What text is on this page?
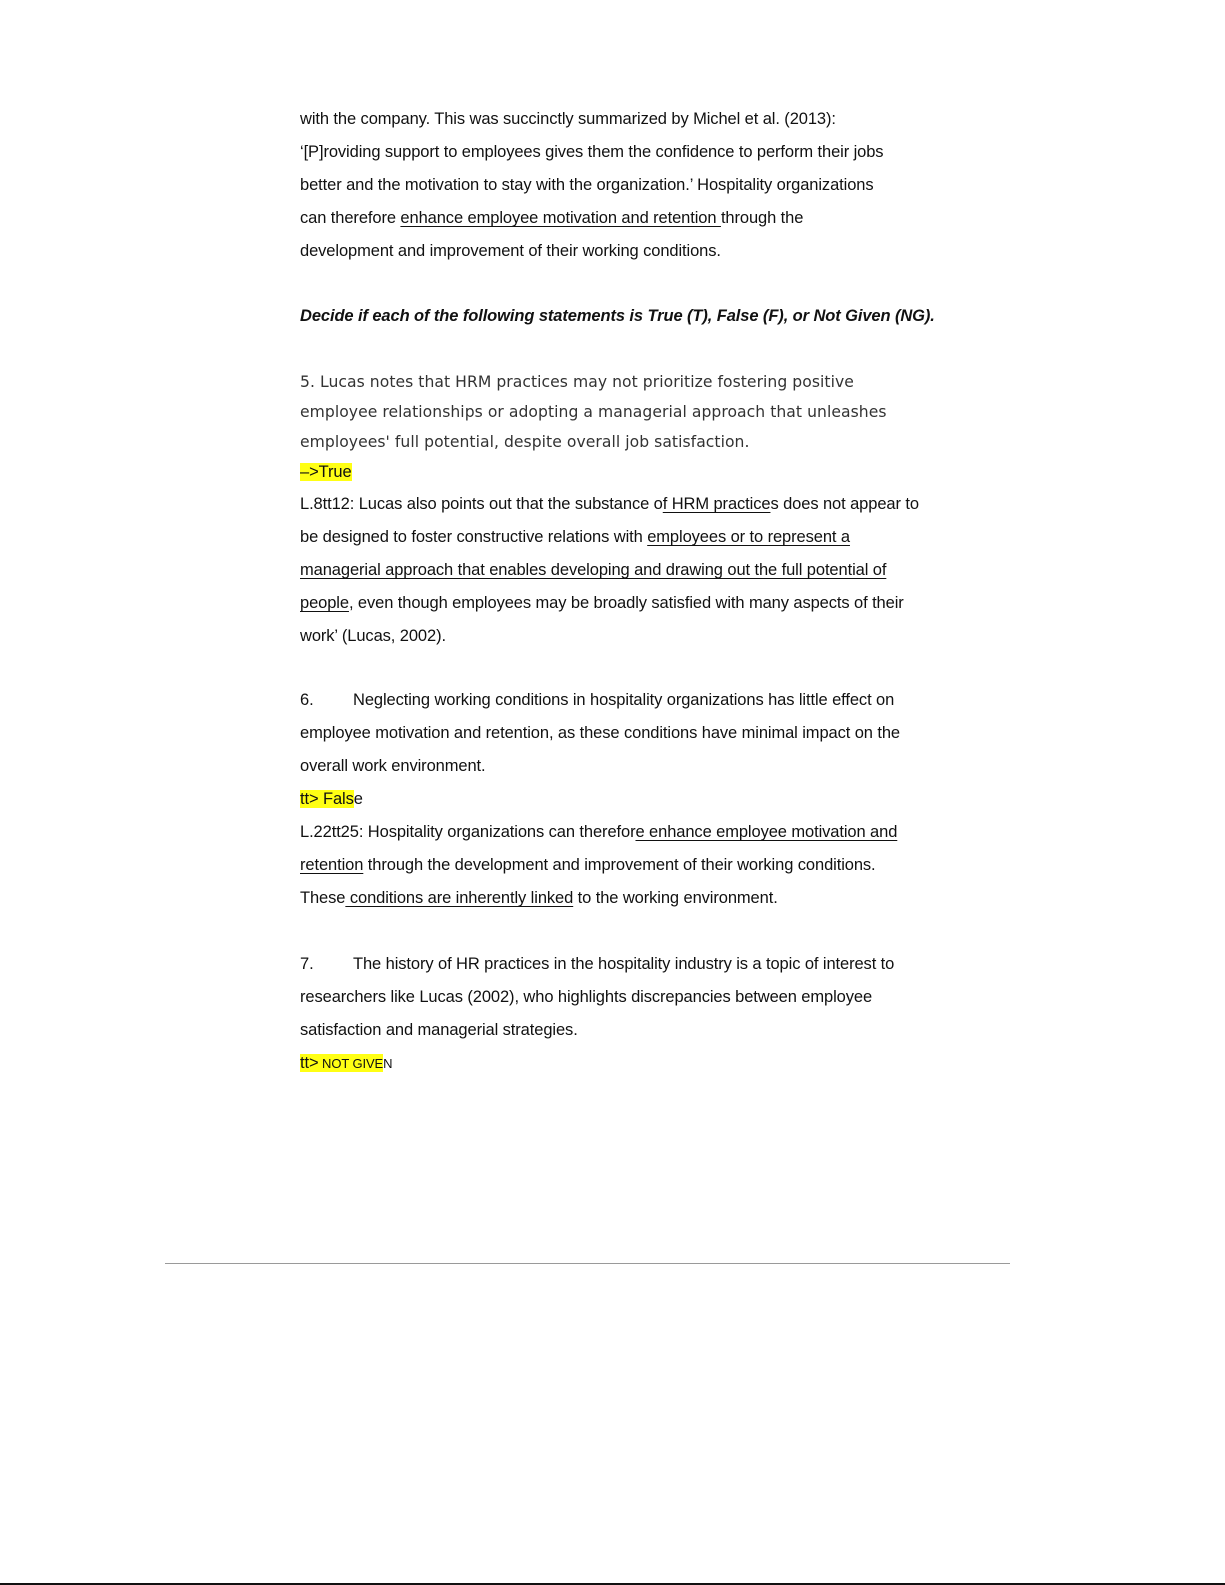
with the company. This was succinctly summarized by Michel et al. (2013):
‘[P]roviding support to employees gives them the confidence to perform their jobs
better and the motivation to stay with the organization.’ Hospitality organizations
can therefore enhance employee motivation and retention through the
development and improvement of their working conditions.
Decide if each of the following statements is True (T), False (F), or Not Given (NG).
5. Lucas notes that HRM practices may not prioritize fostering positive
employee relationships or adopting a managerial approach that unleashes
employees' full potential, despite overall job satisfaction.
–>True
L.8tt12: Lucas also points out that the substance of HRM practices does not appear to
be designed to foster constructive relations with employees or to represent a
managerial approach that enables developing and drawing out the full potential of
people, even though employees may be broadly satisfied with many aspects of their
work’ (Lucas, 2002).
6. Neglecting working conditions in hospitality organizations has little effect on
employee motivation and retention, as these conditions have minimal impact on the
overall work environment.
tt> False
L.22tt25: Hospitality organizations can therefore enhance employee motivation and
retention through the development and improvement of their working conditions.
These conditions are inherently linked to the working environment.
7. The history of HR practices in the hospitality industry is a topic of interest to
researchers like Lucas (2002), who highlights discrepancies between employee
satisfaction and managerial strategies.
tt> NOT GIVEN
